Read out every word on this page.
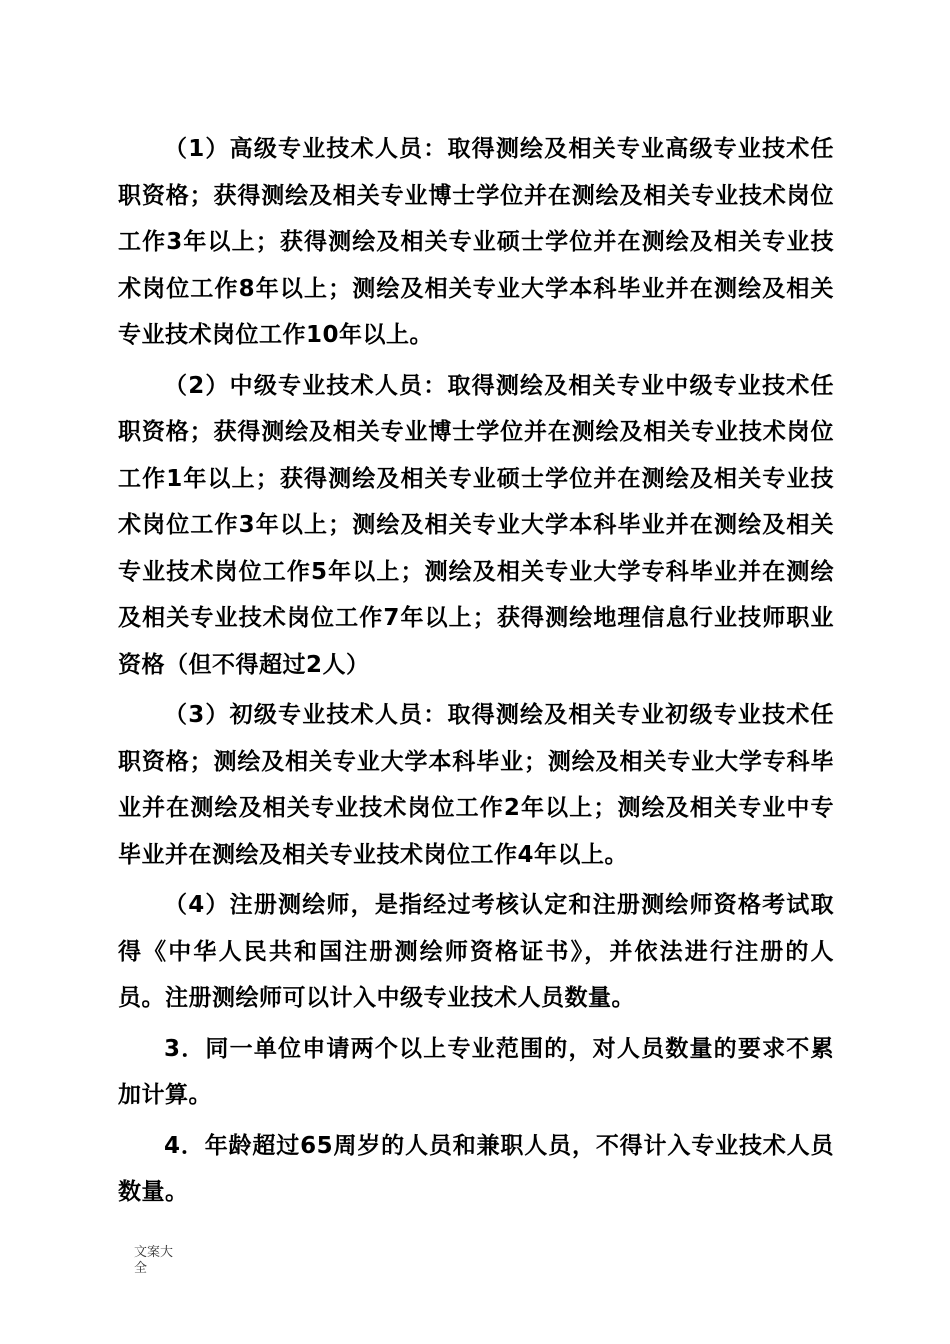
（1）高级专业技术人员：取得测绘及相关专业高级专业技术任职资格；获得测绘及相关专业博士学位并在测绘及相关专业技术岗位工作3年以上；获得测绘及相关专业硕士学位并在测绘及相关专业技术岗位工作8年以上；测绘及相关专业大学本科毕业并在测绘及相关专业技术岗位工作10年以上。

（2）中级专业技术人员：取得测绘及相关专业中级专业技术任职资格；获得测绘及相关专业博士学位并在测绘及相关专业技术岗位工作1年以上；获得测绘及相关专业硕士学位并在测绘及相关专业技术岗位工作3年以上；测绘及相关专业大学本科毕业并在测绘及相关专业技术岗位工作5年以上；测绘及相关专业大学专科毕业并在测绘及相关专业技术岗位工作7年以上；获得测绘地理信息行业技师职业资格（但不得超过2人）

（3）初级专业技术人员：取得测绘及相关专业初级专业技术任职资格；测绘及相关专业大学本科毕业；测绘及相关专业大学专科毕业并在测绘及相关专业技术岗位工作2年以上；测绘及相关专业中专毕业并在测绘及相关专业技术岗位工作4年以上。

（4）注册测绘师，是指经过考核认定和注册测绘师资格考试取得《中华人民共和国注册测绘师资格证书》，并依法进行注册的人员。注册测绘师可以计入中级专业技术人员数量。

3．同一单位申请两个以上专业范围的，对人员数量的要求不累加计算。

4．年龄超过65周岁的人员和兼职人员，不得计入专业技术人员数量。

文案大全
